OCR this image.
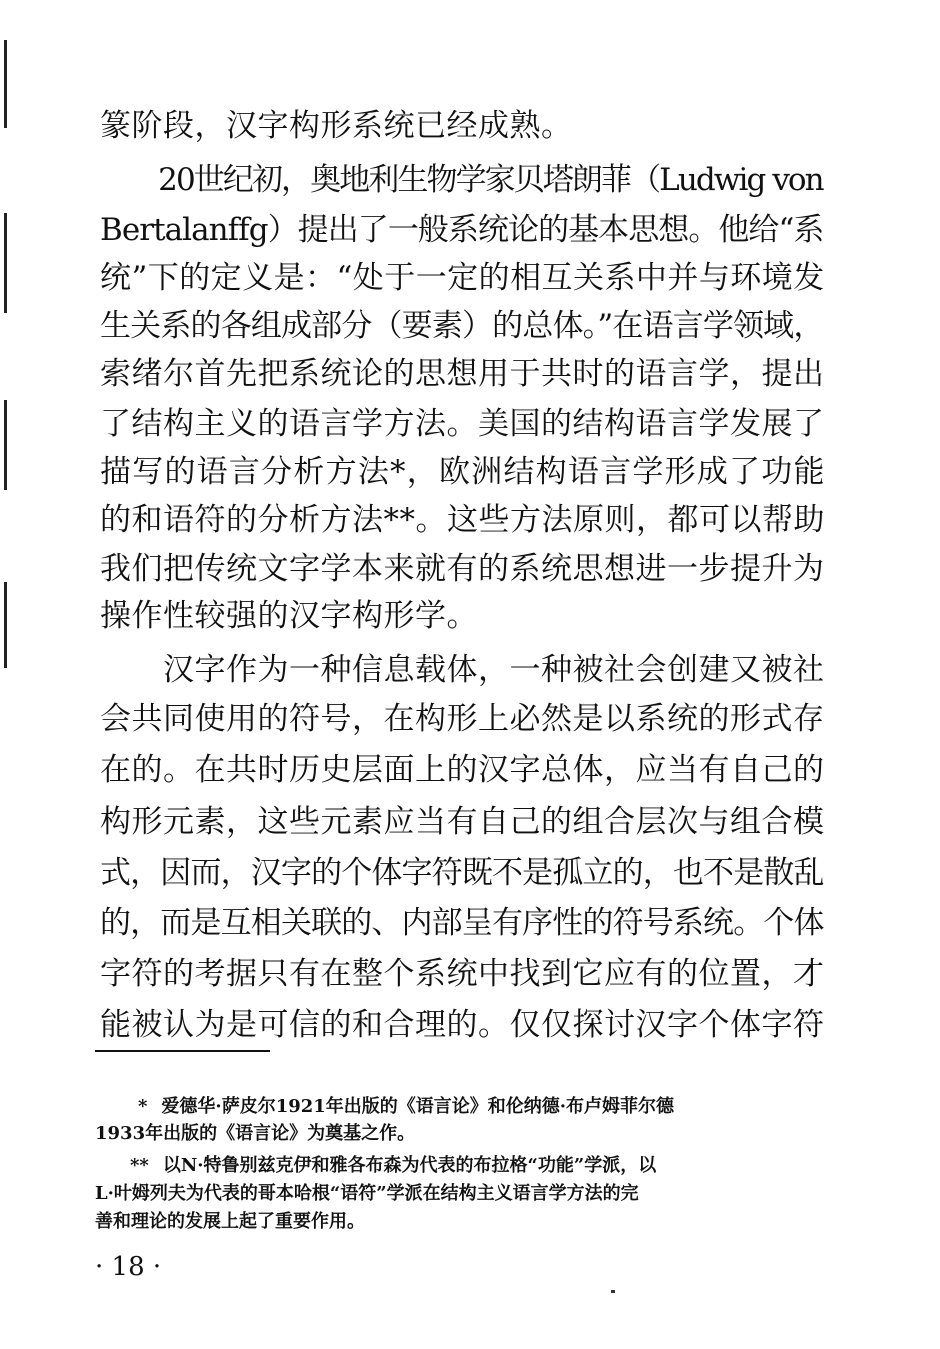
篆阶段，汉字构形系统已经成熟。

　　20世纪初，奥地利生物学家贝塔朗菲（Ludwig von

Bertalanffg）提出了一般系统论的基本思想。他给“系

统”下的定义是：“处于一定的相互关系中并与环境发

生关系的各组成部分（要素）的总体。”在语言学领域，

索绪尔首先把系统论的思想用于共时的语言学，提出

了结构主义的语言学方法。美国的结构语言学发展了

描写的语言分析方法*，欧洲结构语言学形成了功能

的和语符的分析方法**。这些方法原则，都可以帮助

我们把传统文字学本来就有的系统思想进一步提升为

操作性较强的汉字构形学。

　　汉字作为一种信息载体，一种被社会创建又被社

会共同使用的符号，在构形上必然是以系统的形式存

在的。在共时历史层面上的汉字总体，应当有自己的

构形元素，这些元素应当有自己的组合层次与组合模

式，因而，汉字的个体字符既不是孤立的，也不是散乱

的，而是互相关联的、内部呈有序性的符号系统。个体

字符的考据只有在整个系统中找到它应有的位置，才

能被认为是可信的和合理的。仅仅探讨汉字个体字符

* 爱德华·萨皮尔1921年出版的《语言论》和伦纳德·布卢姆菲尔德

1933年出版的《语言论》为奠基之作。

** 以N·特鲁别兹克伊和雅各布森为代表的布拉格“功能”学派，以

L·叶姆列夫为代表的哥本哈根“语符”学派在结构主义语言学方法的完

善和理论的发展上起了重要作用。

· 18 ·
